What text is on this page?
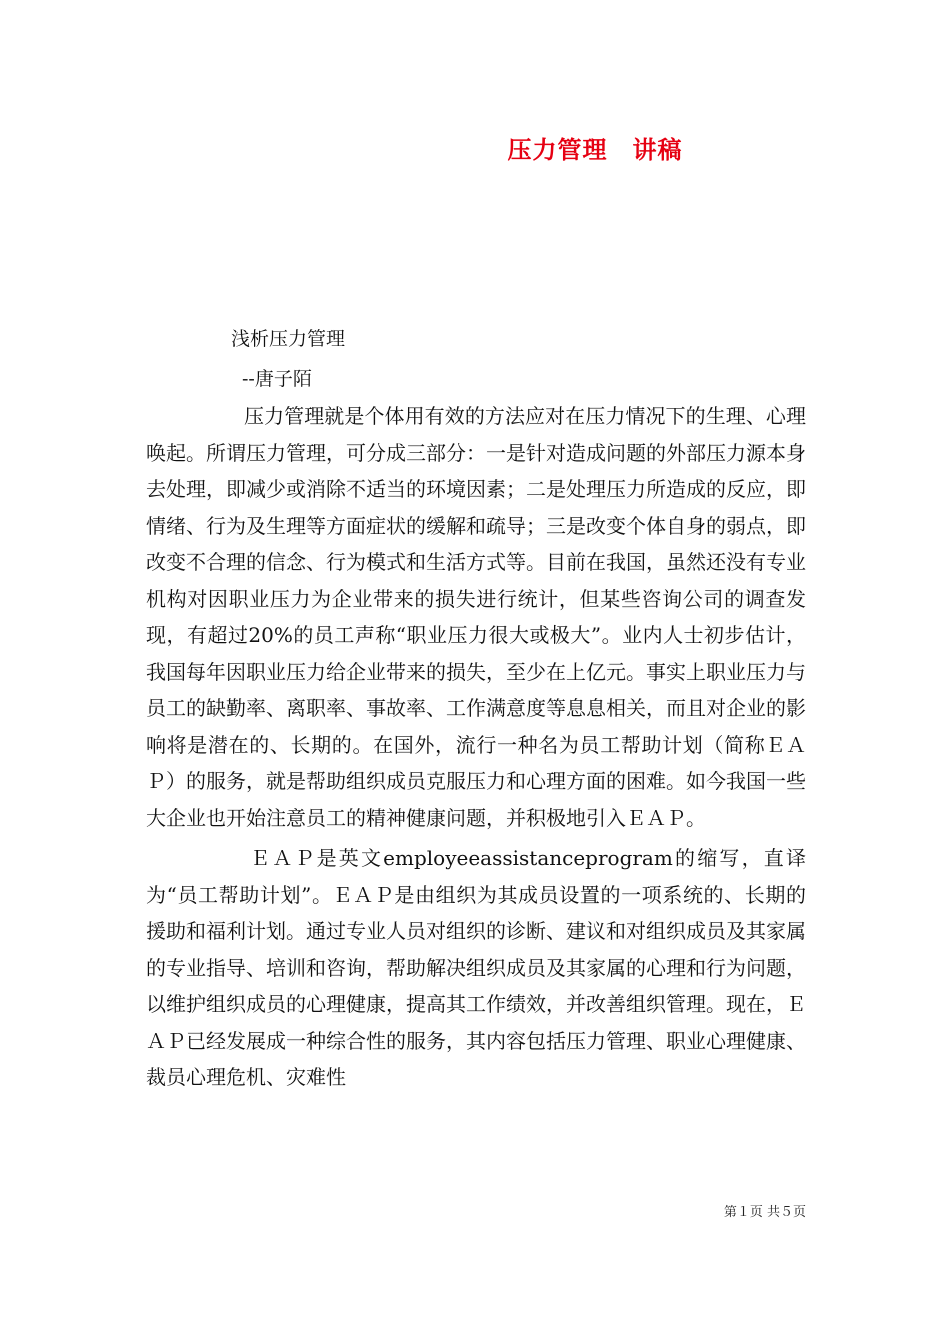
压力管理　讲稿
浅析压力管理
--唐子陌

压力管理就是个体用有效的方法应对在压力情况下的生理、心理唤起。所谓压力管理，可分成三部分：一是针对造成问题的外部压力源本身去处理，即减少或消除不适当的环境因素；二是处理压力所造成的反应，即情绪、行为及生理等方面症状的缓解和疏导；三是改变个体自身的弱点，即改变不合理的信念、行为模式和生活方式等。目前在我国，虽然还没有专业机构对因职业压力为企业带来的损失进行统计，但某些咨询公司的调查发现，有超过20%的员工声称“职业压力很大或极大”。业内人士初步估计，我国每年因职业压力给企业带来的损失，至少在上亿元。事实上职业压力与员工的缺勤率、离职率、事故率、工作满意度等息息相关，而且对企业的影响将是潜在的、长期的。在国外，流行一种名为员工帮助计划（简称ＥＡＰ）的服务，就是帮助组织成员克服压力和心理方面的困难。如今我国一些大企业也开始注意员工的精神健康问题，并积极地引入ＥＡＰ。

ＥＡＰ是英文employeeassistanceprogram的缩写，直译为“员工帮助计划”。ＥＡＰ是由组织为其成员设置的一项系统的、长期的援助和福利计划。通过专业人员对组织的诊断、建议和对组织成员及其家属的专业指导、培训和咨询，帮助解决组织成员及其家属的心理和行为问题，以维护组织成员的心理健康，提高其工作绩效，并改善组织管理。现在，ＥＡＰ已经发展成一种综合性的服务，其内容包括压力管理、职业心理健康、裁员心理危机、灾难性

第１页 共５页
